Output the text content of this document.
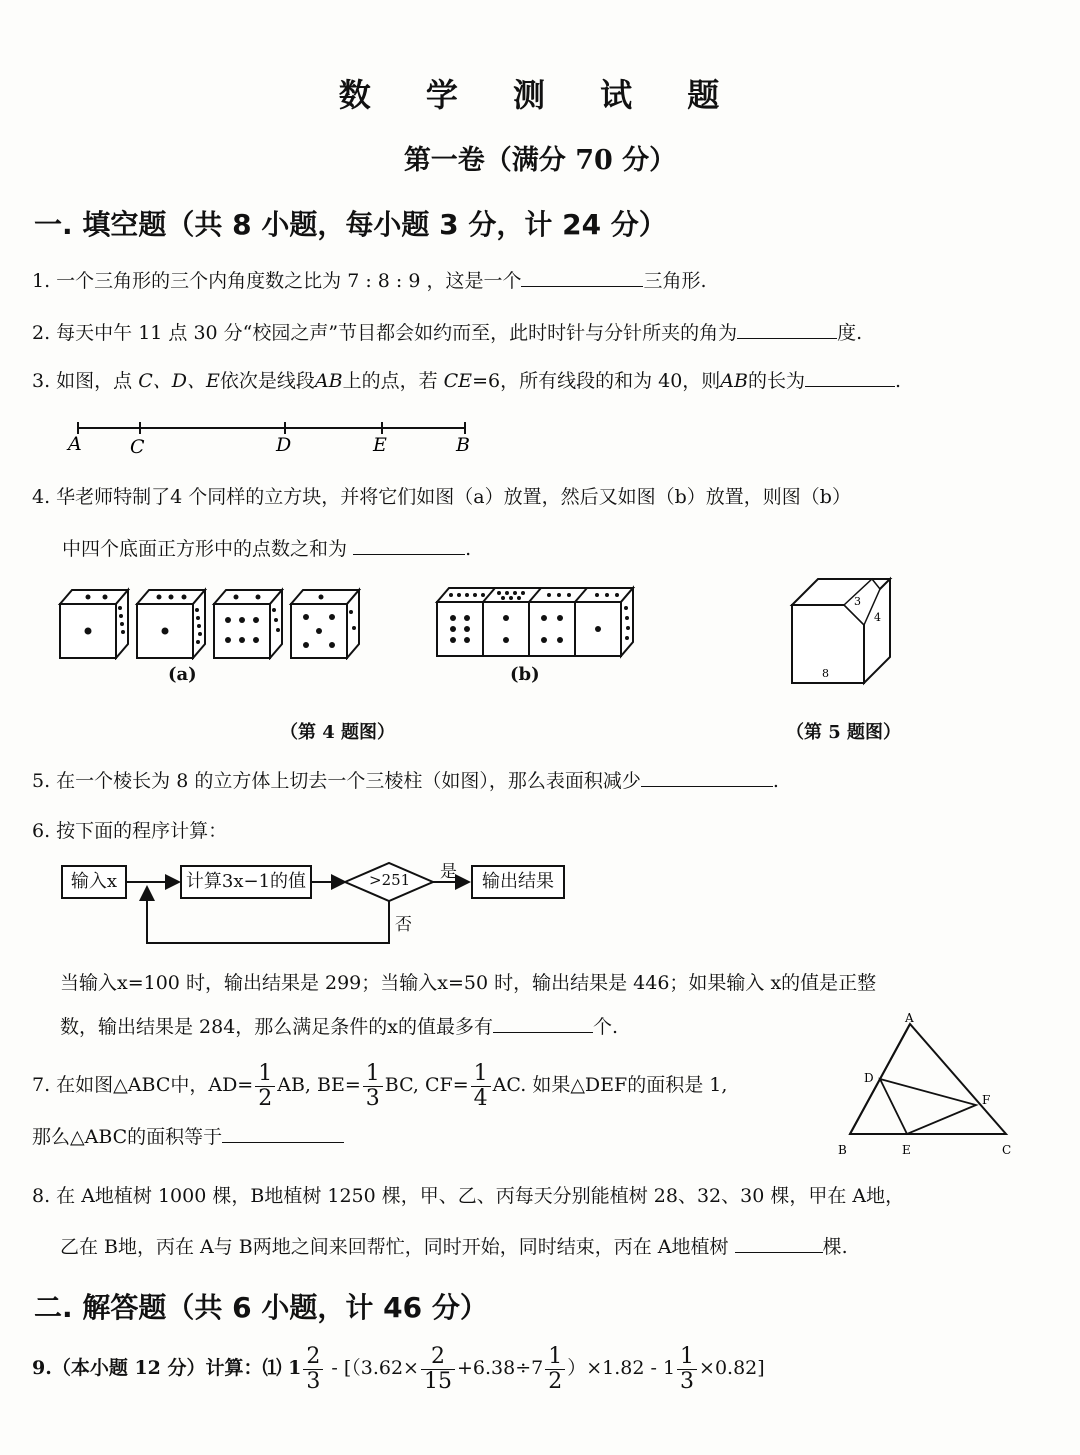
数 学 测 试 题
第一卷（满分 70 分）
一. 填空题（共 8 小题，每小题 3 分，计 24 分）
1. 一个三角形的三个内角度数之比为 7 : 8 : 9 ，这是一个	三角形.
2. 每天中午 11 点 30 分“校园之声”节目都会如约而至，此时时针与分针所夹的角为	度.
3. 如图，点 C、D、E依次是线段AB上的点，若 CE=6，所有线段的和为 40，则AB的长为	.
A	C	D	E	B
4. 华老师特制了4 个同样的立方块，并将它们如图（a）放置，然后又如图（b）放置，则图（b）
中四个底面正方形中的点数之和为	.
(a)	(b)
3
4
8
（第 4 题图）	（第 5 题图）
5. 在一个棱长为 8 的立方体上切去一个三棱柱（如图），那么表面积减少	.
6. 按下面的程序计算：
输入x	计算3x−1的值	>251 是
否
输出结果
当输入x=100 时，输出结果是 299；当输入x=50 时，输出结果是 446；如果输入 x的值是正整
数，输出结果是 284，那么满足条件的x的值最多有	个.
7. 在如图△ABC中，$AD= \frac{1}{2}$ AB, $BE= \frac{1}{3}$ BC, $CF= \frac{1}{4}$ AC. 如果△DEF的面积是 1,
那么△ABC的面积等于
A
B	C
D
E
F
8. 在 A地植树 1000 棵，B地植树 1250 棵，甲、乙、丙每天分别能植树 28、32、30 棵，甲在 A地，
乙在 B地，丙在 A与 B两地之间来回帮忙，同时开始，同时结束，丙在 A地植树	棵.
二. 解答题（共 6 小题，计 46 分）
9.（本小题 12 分）计算：⑴ $1 \frac{2}{3} - [(3.62\times \frac{2}{15} +6.38\div 7 \frac{1}{2} )\times 1.82 - 1 \frac{1}{3} \times 0.82]$
